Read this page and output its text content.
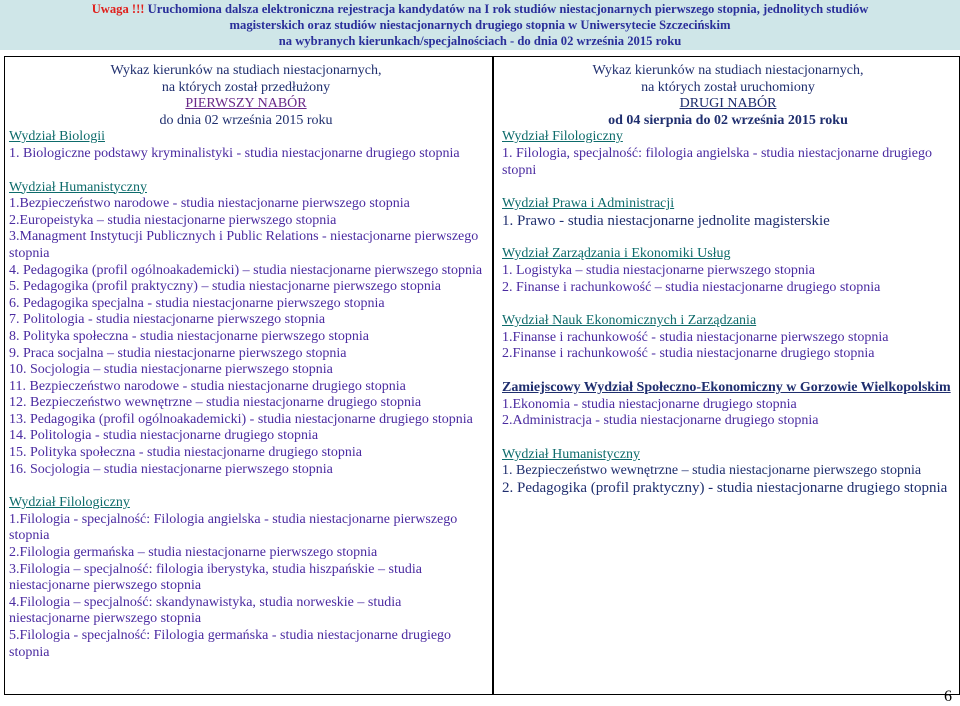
Uwaga !!! Uruchomiona dalsza elektroniczna rejestracja kandydatów na I rok studiów niestacjonarnych pierwszego stopnia, jednolitych studiów
magisterskich oraz studiów niestacjonarnych drugiego stopnia w Uniwersytecie Szczecińskim
na wybranych kierunkach/specjalnościach - do dnia 02 września 2015 roku
Wykaz kierunków na studiach niestacjonarnych,
na których został przedłużony
PIERWSZY NABÓR
do dnia 02 września 2015 roku
Wydział Biologii
1. Biologiczne podstawy kryminalistyki - studia niestacjonarne drugiego stopnia
Wydział Humanistyczny
1.Bezpieczeństwo narodowe - studia niestacjonarne pierwszego stopnia
2.Europeistyka – studia niestacjonarne pierwszego stopnia
3.Managment Instytucji Publicznych i Public Relations - niestacjonarne pierwszego stopnia
4. Pedagogika (profil ogólnoakademicki) – studia niestacjonarne pierwszego stopnia
5. Pedagogika (profil praktyczny) – studia niestacjonarne pierwszego stopnia
6. Pedagogika specjalna - studia niestacjonarne pierwszego stopnia
7. Politologia - studia niestacjonarne pierwszego stopnia
8. Polityka społeczna - studia niestacjonarne pierwszego stopnia
9. Praca socjalna – studia niestacjonarne pierwszego stopnia
10. Socjologia – studia niestacjonarne pierwszego stopnia
11. Bezpieczeństwo narodowe - studia niestacjonarne drugiego stopnia
12. Bezpieczeństwo wewnętrzne – studia niestacjonarne drugiego stopnia
13. Pedagogika (profil ogólnoakademicki) - studia niestacjonarne drugiego stopnia
14. Politologia - studia niestacjonarne drugiego stopnia
15. Polityka społeczna - studia niestacjonarne drugiego stopnia
16. Socjologia – studia niestacjonarne pierwszego stopnia
Wydział Filologiczny
1.Filologia - specjalność: Filologia angielska - studia niestacjonarne pierwszego stopnia
2.Filologia germańska – studia niestacjonarne pierwszego stopnia
3.Filologia – specjalność: filologia iberystyka, studia hiszpańskie – studia niestacjonarne pierwszego stopnia
4.Filologia – specjalność: skandynawistyka, studia norweskie – studia niestacjonarne pierwszego stopnia
5.Filologia - specjalność: Filologia germańska - studia niestacjonarne drugiego stopnia
Wykaz kierunków na studiach niestacjonarnych,
na których został uruchomiony
DRUGI NABÓR
od 04 sierpnia do 02 września 2015 roku
Wydział Filologiczny
1. Filologia, specjalność: filologia angielska - studia niestacjonarne drugiego stopni
Wydział Prawa i Administracji
1. Prawo - studia niestacjonarne jednolite magisterskie
Wydział Zarządzania i Ekonomiki Usług
1. Logistyka – studia niestacjonarne pierwszego stopnia
2. Finanse i rachunkowość – studia niestacjonarne drugiego stopnia
Wydział Nauk Ekonomicznych i Zarządzania
1.Finanse i rachunkowość - studia niestacjonarne pierwszego stopnia
2.Finanse i rachunkowość - studia niestacjonarne drugiego stopnia
Zamiejscowy Wydział Społeczno-Ekonomiczny w Gorzowie Wielkopolskim
1.Ekonomia - studia niestacjonarne drugiego stopnia
2.Administracja - studia niestacjonarne drugiego stopnia
Wydział Humanistyczny
1. Bezpieczeństwo wewnętrzne – studia niestacjonarne pierwszego stopnia
2. Pedagogika (profil praktyczny) - studia niestacjonarne drugiego stopnia
6
